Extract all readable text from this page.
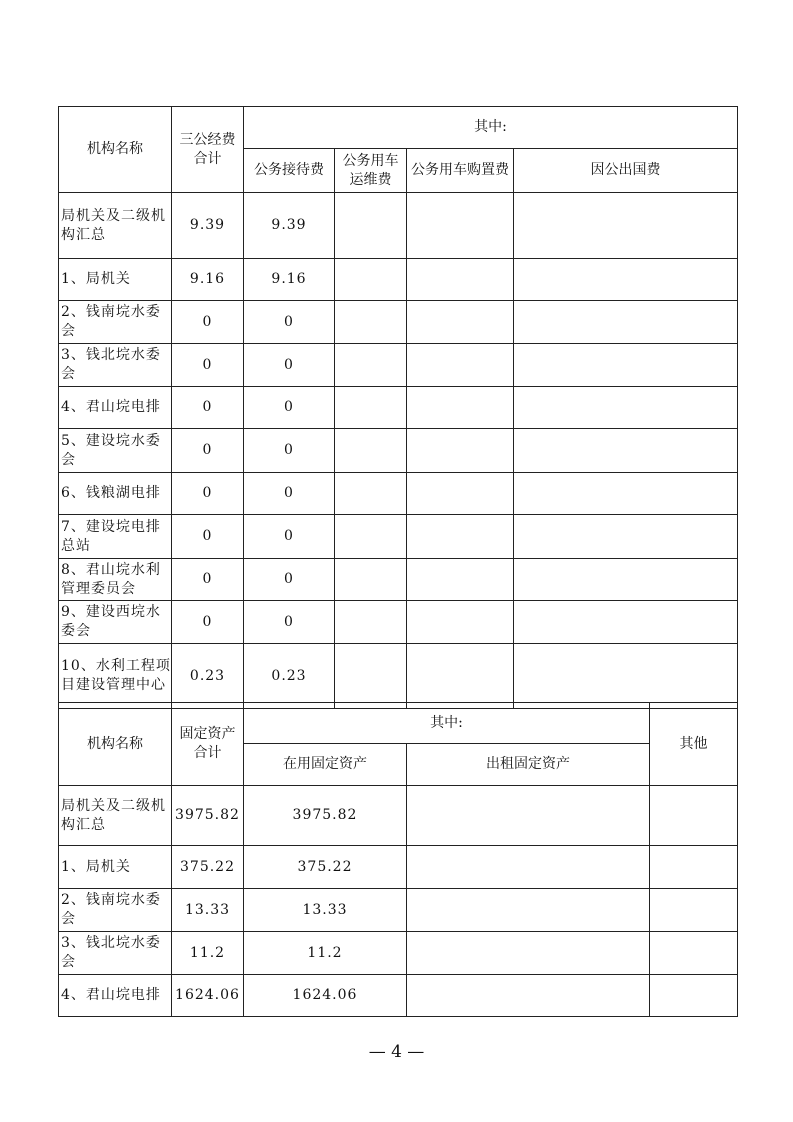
机构名称	三公经费合计	其中:			
		公务接待费	公务用车运维费	公务用车购置费	因公出国费
局机关及二级机构汇总	9.39	9.39			
1、局机关	9.16	9.16			
2、钱南垸水委会	0	0			
3、钱北垸水委会	0	0			
4、君山垸电排	0	0			
5、建设垸水委会	0	0			
6、钱粮湖电排	0	0			
7、建设垸电排总站	0	0			
8、君山垸水利管理委员会	0	0			
9、建设西垸水委会	0	0			
10、水利工程项目建设管理中心	0.23	0.23			
机构名称	固定资产合计	其中:		其他
		在用固定资产	出租固定资产	
局机关及二级机构汇总	3975.82	3975.82		
1、局机关	375.22	375.22		
2、钱南垸水委会	13.33	13.33		
3、钱北垸水委会	11.2	11.2		
4、君山垸电排	1624.06	1624.06		
— 4 —
